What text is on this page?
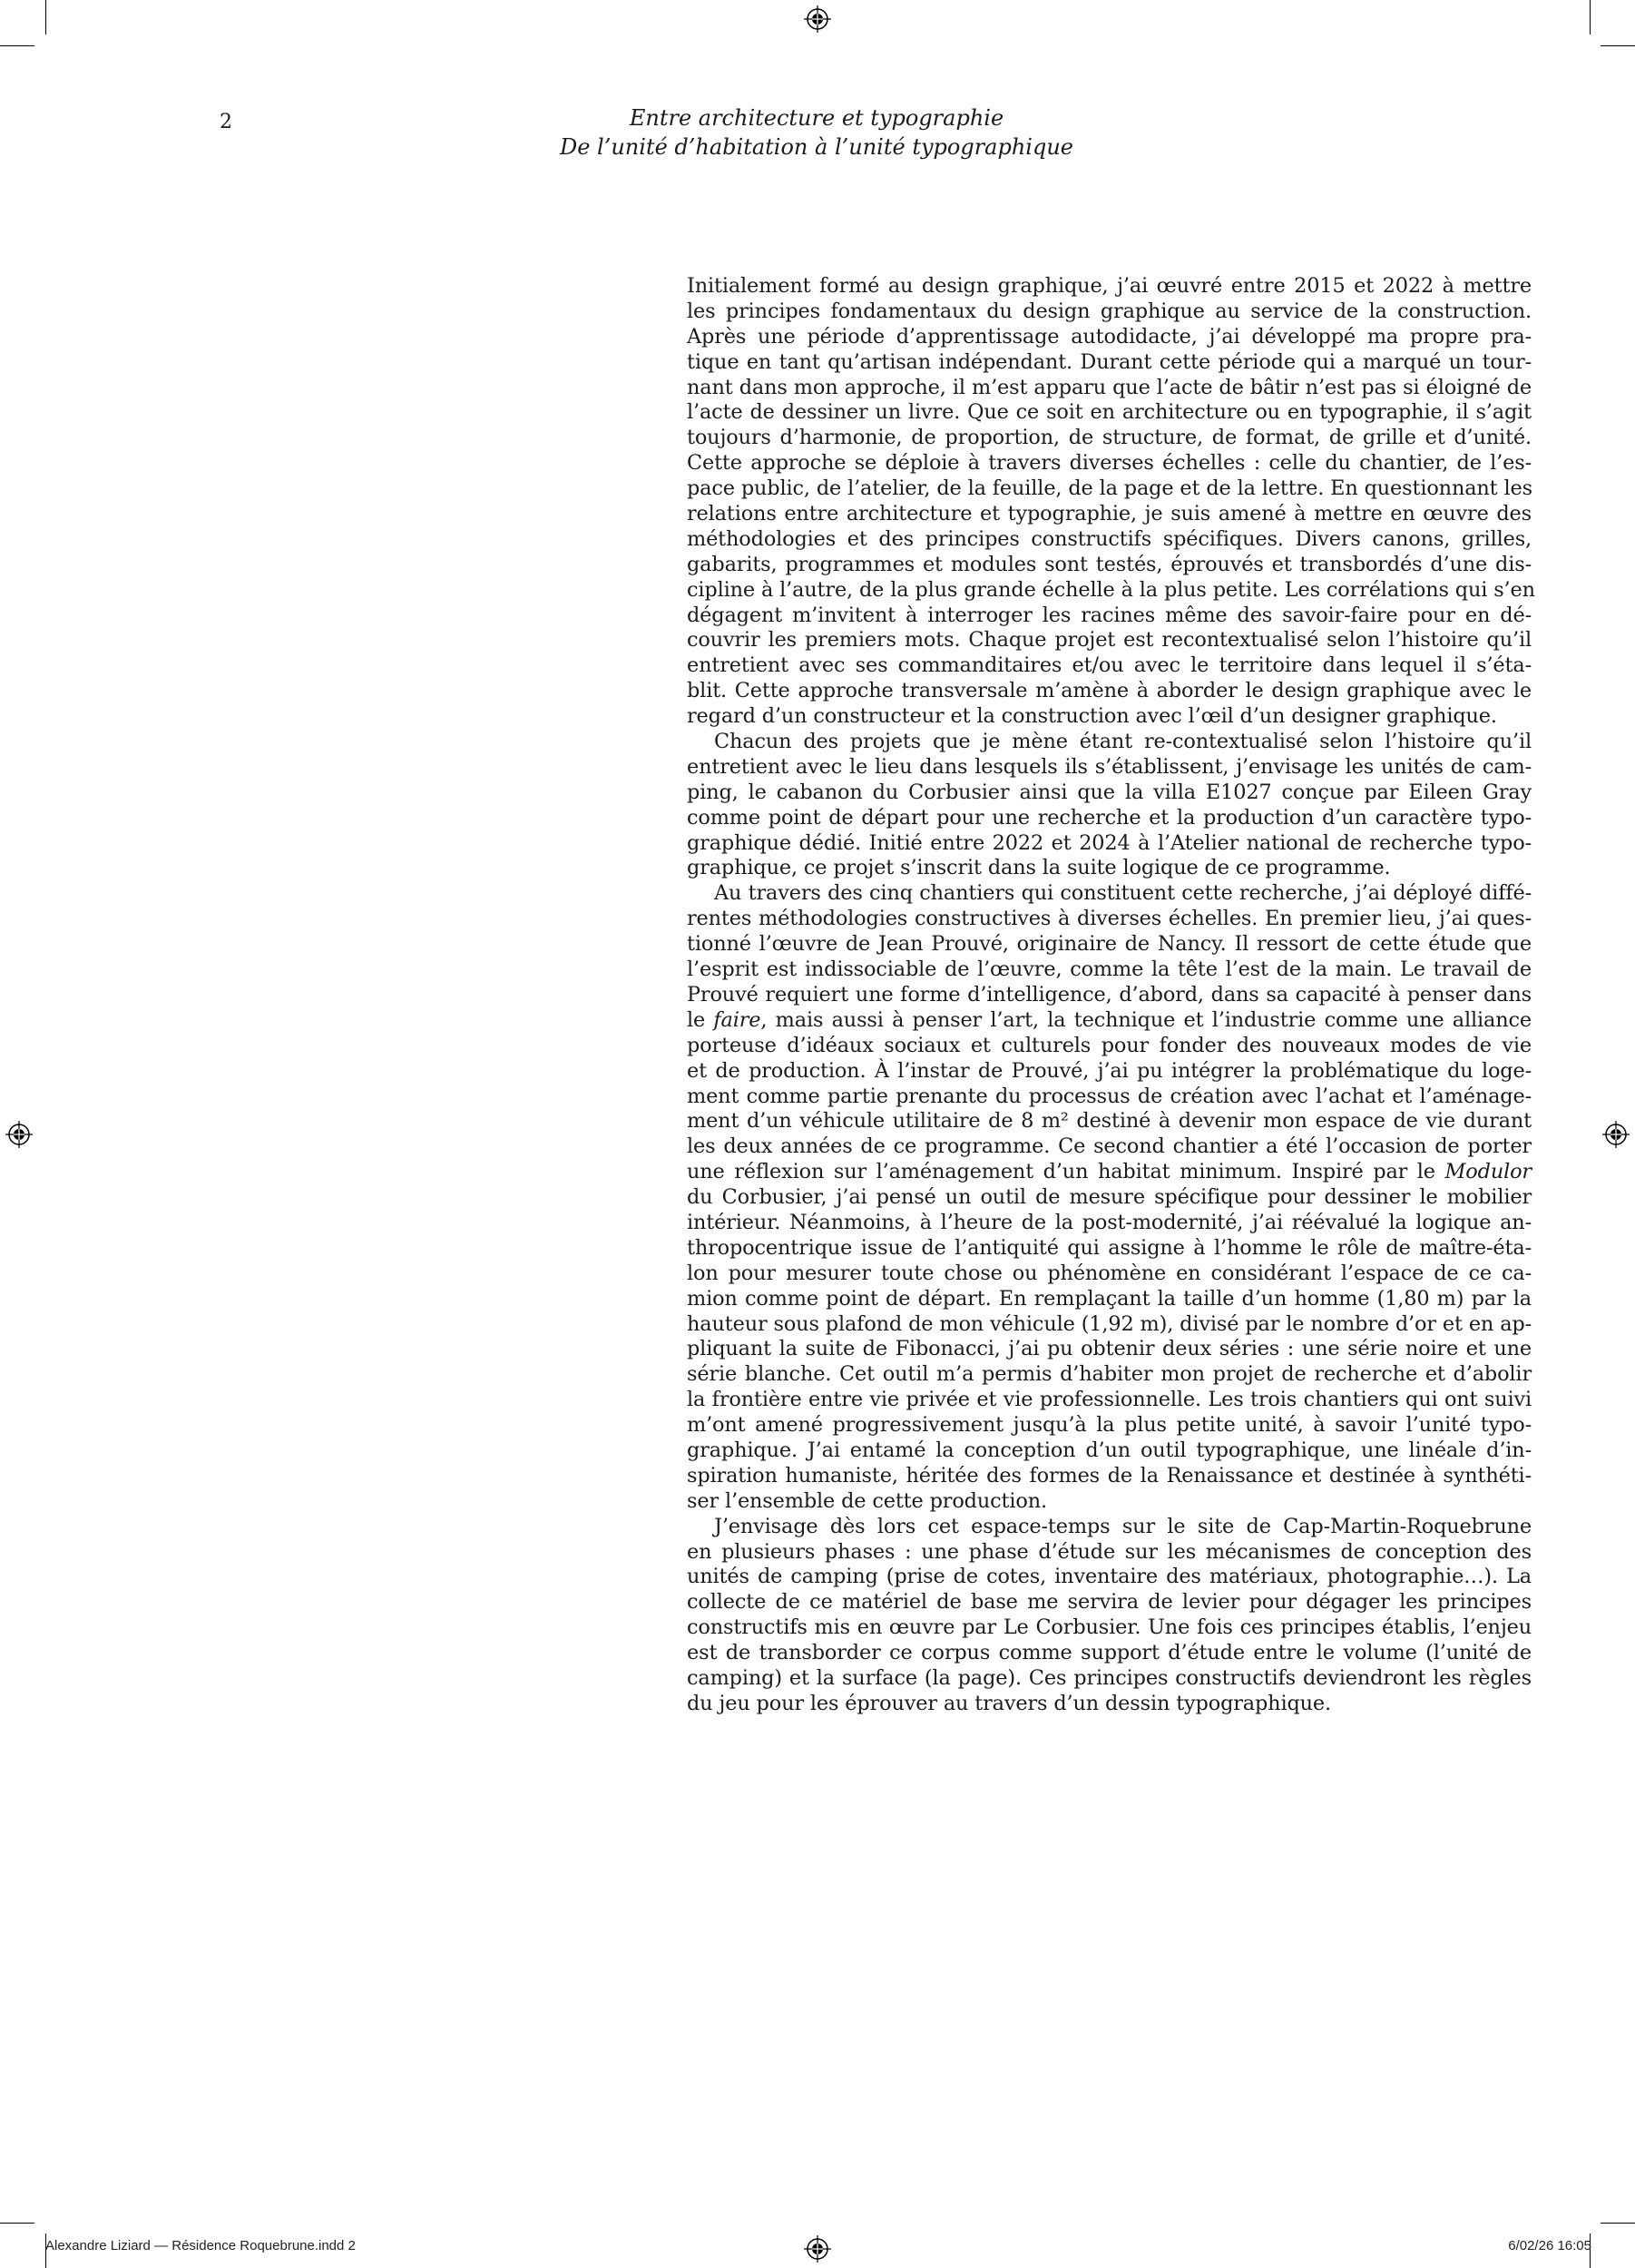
2	Entre architecture et typographie
De l’unité d’habitation à l’unité typographique
Initialement formé au design graphique, j’ai œuvré entre 2015 et 2022 à mettre
les principes fondamentaux du design graphique au service de la construction.
Après une période d’apprentissage autodidacte, j’ai développé ma propre pra-
tique en tant qu’artisan indépendant. Durant cette période qui a marqué un tour-
nant dans mon approche, il m’est apparu que l’acte de bâtir n’est pas si éloigné de
l’acte de dessiner un livre. Que ce soit en architecture ou en typographie, il s’agit
toujours d’harmonie, de proportion, de structure, de format, de grille et d’unité.
Cette approche se déploie à travers diverses échelles : celle du chantier, de l’es-
pace public, de l’atelier, de la feuille, de la page et de la lettre. En questionnant les
relations entre architecture et typographie, je suis amené à mettre en œuvre des
méthodologies et des principes constructifs spécifiques. Divers canons, grilles,
gabarits, programmes et modules sont testés, éprouvés et transbordés d’une dis-
cipline à l’autre, de la plus grande échelle à la plus petite. Les corrélations qui s’en
dégagent m’invitent à interroger les racines même des savoir-faire pour en dé-
couvrir les premiers mots. Chaque projet est recontextualisé selon l’histoire qu’il
entretient avec ses commanditaires et/ou avec le territoire dans lequel il s’éta-
blit. Cette approche transversale m’amène à aborder le design graphique avec le
regard d’un constructeur et la construction avec l’œil d’un designer graphique.
Chacun des projets que je mène étant re-contextualisé selon l’histoire qu’il
entretient avec le lieu dans lesquels ils s’établissent, j’envisage les unités de cam-
ping, le cabanon du Corbusier ainsi que la villa E1027 conçue par Eileen Gray
comme point de départ pour une recherche et la production d’un caractère typo-
graphique dédié. Initié entre 2022 et 2024 à l’Atelier national de recherche typo-
graphique, ce projet s’inscrit dans la suite logique de ce programme.
Au travers des cinq chantiers qui constituent cette recherche, j’ai déployé diffé-
rentes méthodologies constructives à diverses échelles. En premier lieu, j’ai ques-
tionné l’œuvre de Jean Prouvé, originaire de Nancy. Il ressort de cette étude que
l’esprit est indissociable de l’œuvre, comme la tête l’est de la main. Le travail de
Prouvé requiert une forme d’intelligence, d’abord, dans sa capacité à penser dans
le faire, mais aussi à penser l’art, la technique et l’industrie comme une alliance
porteuse d’idéaux sociaux et culturels pour fonder des nouveaux modes de vie
et de production. À l’instar de Prouvé, j’ai pu intégrer la problématique du loge-
ment comme partie prenante du processus de création avec l’achat et l’aménage-
ment d’un véhicule utilitaire de 8 m² destiné à devenir mon espace de vie durant
les deux années de ce programme. Ce second chantier a été l’occasion de porter
une réflexion sur l’aménagement d’un habitat minimum. Inspiré par le Modulor
du Corbusier, j’ai pensé un outil de mesure spécifique pour dessiner le mobilier
intérieur. Néanmoins, à l’heure de la post-modernité, j’ai réévalué la logique an-
thropocentrique issue de l’antiquité qui assigne à l’homme le rôle de maître-éta-
lon pour mesurer toute chose ou phénomène en considérant l’espace de ce ca-
mion comme point de départ. En remplaçant la taille d’un homme (1,80 m) par la
hauteur sous plafond de mon véhicule (1,92 m), divisé par le nombre d’or et en ap-
pliquant la suite de Fibonacci, j’ai pu obtenir deux séries : une série noire et une
série blanche. Cet outil m’a permis d’habiter mon projet de recherche et d’abolir
la frontière entre vie privée et vie professionnelle. Les trois chantiers qui ont suivi
m’ont amené progressivement jusqu’à la plus petite unité, à savoir l’unité typo-
graphique. J’ai entamé la conception d’un outil typographique, une linéale d’in-
spiration humaniste, héritée des formes de la Renaissance et destinée à synthéti-
ser l’ensemble de cette production.
J’envisage dès lors cet espace-temps sur le site de Cap-Martin-Roquebrune
en plusieurs phases : une phase d’étude sur les mécanismes de conception des
unités de camping (prise de cotes, inventaire des matériaux, photographie…). La
collecte de ce matériel de base me servira de levier pour dégager les principes
constructifs mis en œuvre par Le Corbusier. Une fois ces principes établis, l’enjeu
est de transborder ce corpus comme support d’étude entre le volume (l’unité de
camping) et la surface (la page). Ces principes constructifs deviendront les règles
du jeu pour les éprouver au travers d’un dessin typographique.
Alexandre Liziard — Résidence Roquebrune.indd 2	6/02/26 16:05
